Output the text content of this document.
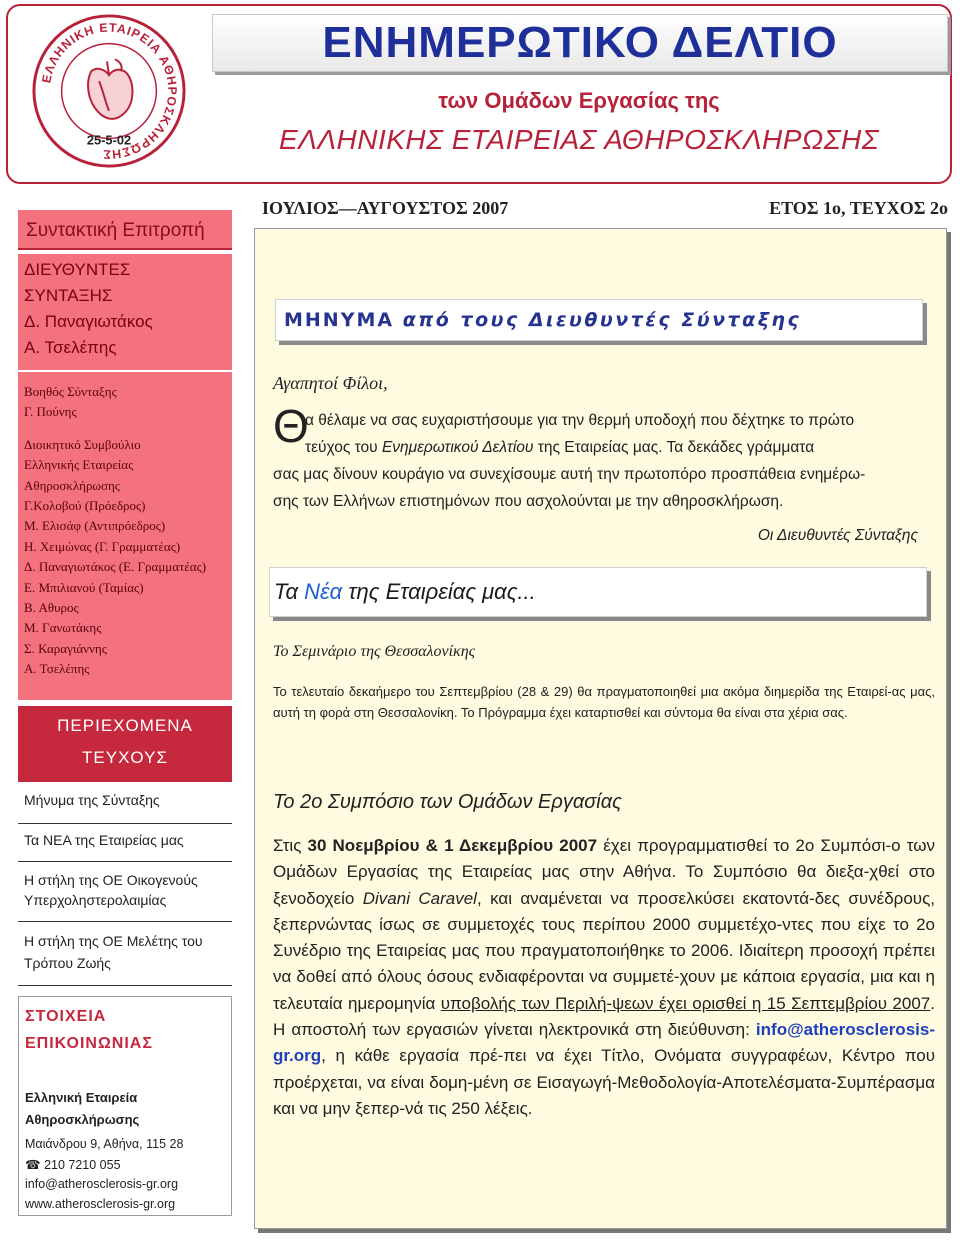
ΕΛΛΗΝΙΚΗ ΕΤΑΙΡΕΙΑ ΑΘΗΡΟΣΚΛΗΡΩΣΗΣ
25-5-02
ΕΝΗΜΕΡΩΤΙΚΟ ΔΕΛΤΙΟ
των Ομάδων Εργασίας της
ΕΛΛΗΝΙΚΗΣ ΕΤΑΙΡΕΙΑΣ ΑΘΗΡΟΣΚΛΗΡΩΣΗΣ
ΙΟΥΛΙΟΣ—ΑΥΓΟΥΣΤΟΣ 2007	ΕΤΟΣ 1ο, ΤΕΥΧΟΣ 2ο
Συντακτική Επιτροπή
ΔΙΕΥΘΥΝΤΕΣ
ΣΥΝΤΑΞΗΣ
Δ. Παναγιωτάκος
Α. Τσελέπης
Βοηθός Σύνταξης
Γ. Πούνης
Διοικητικό Συμβούλιο
Ελληνικής Εταιρείας
Αθηροσκλήρωσης
Γ.Κολοβού (Πρόεδρος)
Μ. Ελισάφ (Αντιπρόεδρος)
Η. Χειμώνας (Γ. Γραμματέας)
Δ. Παναγιωτάκος (Ε. Γραμματέας)
Ε. Μπιλιανού (Ταμίας)
Β. Αθυρος
Μ. Γανωτάκης
Σ. Καραγιάννης
Α. Τσελέπης
ΠΕΡΙΕΧΟΜΕΝΑ
ΤΕΥΧΟΥΣ
Μήνυμα της Σύνταξης
Τα ΝΕΑ της Εταιρείας μας
Η στήλη της ΟΕ Οικογενούς Υπερχοληστερολαιμίας
Η στήλη της ΟΕ Μελέτης του Τρόπου Ζωής
ΣΤΟΙΧΕΙΑ ΕΠΙΚΟΙΝΩΝΙΑΣ
Ελληνική Εταιρεία Αθηροσκλήρωσης
Μαιάνδρου 9, Αθήνα, 115 28
☎ 210 7210 055
info@atherosclerosis-gr.org
www.atherosclerosis-gr.org
ΜΗΝΥΜΑ από τους Διευθυντές Σύνταξης
Αγαπητοί Φίλοι,
Θ
α θέλαμε να σας ευχαριστήσουμε για την θερμή υποδοχή που δέχτηκε το πρώτο
τεύχος του Ενημερωτικού Δελτίου της Εταιρείας μας. Τα δεκάδες γράμματα
σας μας δίνουν κουράγιο να συνεχίσουμε αυτή την πρωτοπόρο προσπάθεια ενημέρω-
σης των Ελλήνων επιστημόνων που ασχολούνται με την αθηροσκλήρωση.
Οι Διευθυντές Σύνταξης
Τα Νέα της Εταιρείας μας...
Το Σεμινάριο της Θεσσαλονίκης
Το τελευταίο δεκαήμερο του Σεπτεμβρίου (28 & 29) θα πραγματοποιηθεί μια ακόμα διημερίδα της Εταιρεί-ας μας, αυτή τη φορά στη Θεσσαλονίκη. Το Πρόγραμμα έχει καταρτισθεί και σύντομα θα είναι στα χέρια σας.
Το 2ο Συμπόσιο των Ομάδων Εργασίας
Στις 30 Νοεμβρίου & 1 Δεκεμβρίου 2007 έχει προγραμματισθεί το 2ο Συμπόσι-ο των Ομάδων Εργασίας της Εταιρείας μας στην Αθήνα. Το Συμπόσιο θα διεξα-χθεί στο ξενοδοχείο Divani Caravel, και αναμένεται να προσελκύσει εκατοντά-δες συνέδρους, ξεπερνώντας ίσως σε συμμετοχές τους περίπου 2000 συμμετέχο-ντες που είχε το 2ο Συνέδριο της Εταιρείας μας που πραγματοποιήθηκε το 2006. Ιδιαίτερη προσοχή πρέπει να δοθεί από όλους όσους ενδιαφέρονται να συμμετέ-χουν με κάποια εργασία, μια και η τελευταία ημερομηνία υποβολής των Περιλή-ψεων έχει ορισθεί η 15 Σεπτεμβρίου 2007. Η αποστολή των εργασιών γίνεται ηλεκτρονικά στη διεύθυνση: info@atherosclerosis-gr.org, η κάθε εργασία πρέ-πει να έχει Τίτλο, Ονόματα συγγραφέων, Κέντρο που προέρχεται, να είναι δομη-μένη σε Εισαγωγή-Μεθοδολογία-Αποτελέσματα-Συμπέρασμα και να μην ξεπερ-νά τις 250 λέξεις.
